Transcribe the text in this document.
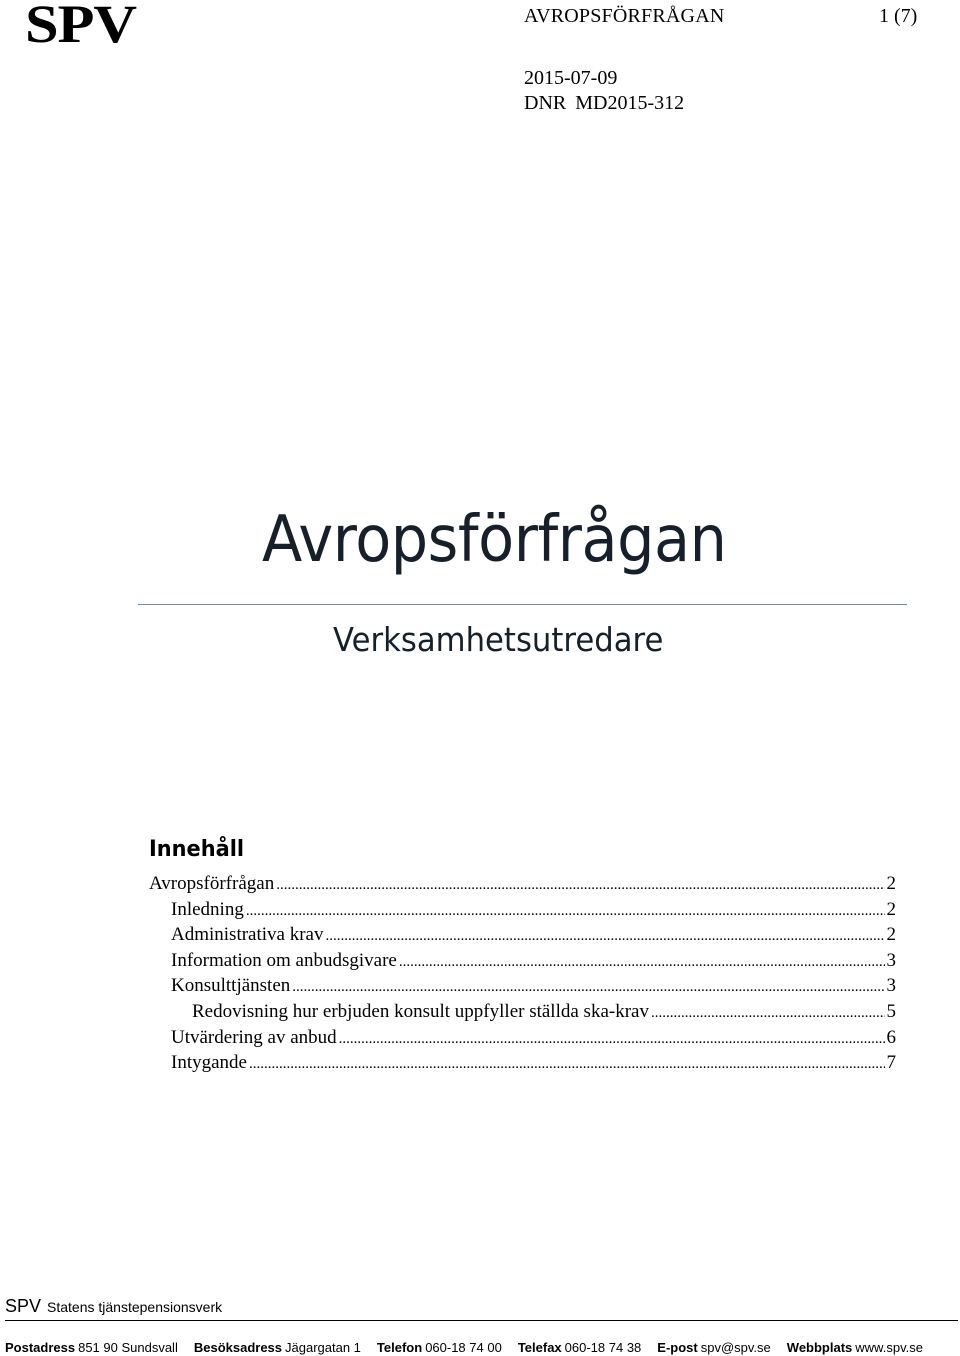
SPV	AVROPSFÖRFRÅGAN	1 (7)
2015-07-09
DNR MD2015-312
Avropsförfrågan
Verksamhetsutredare
Innehåll
Avropsförfrågan .....	2
Inledning .....	2
Administrativa krav .....	2
Information om anbudsgivare .....	3
Konsulttjänsten .....	3
Redovisning hur erbjuden konsult uppfyller ställda ska-krav .....	5
Utvärdering av anbud .....	6
Intygande .....	7
SPV Statens tjänstepensionsverk
Postadress 851 90 Sundsvall Besöksadress Jägargatan 1 Telefon 060-18 74 00 Telefax 060-18 74 38 E-post spv@spv.se Webbplats www.spv.se
